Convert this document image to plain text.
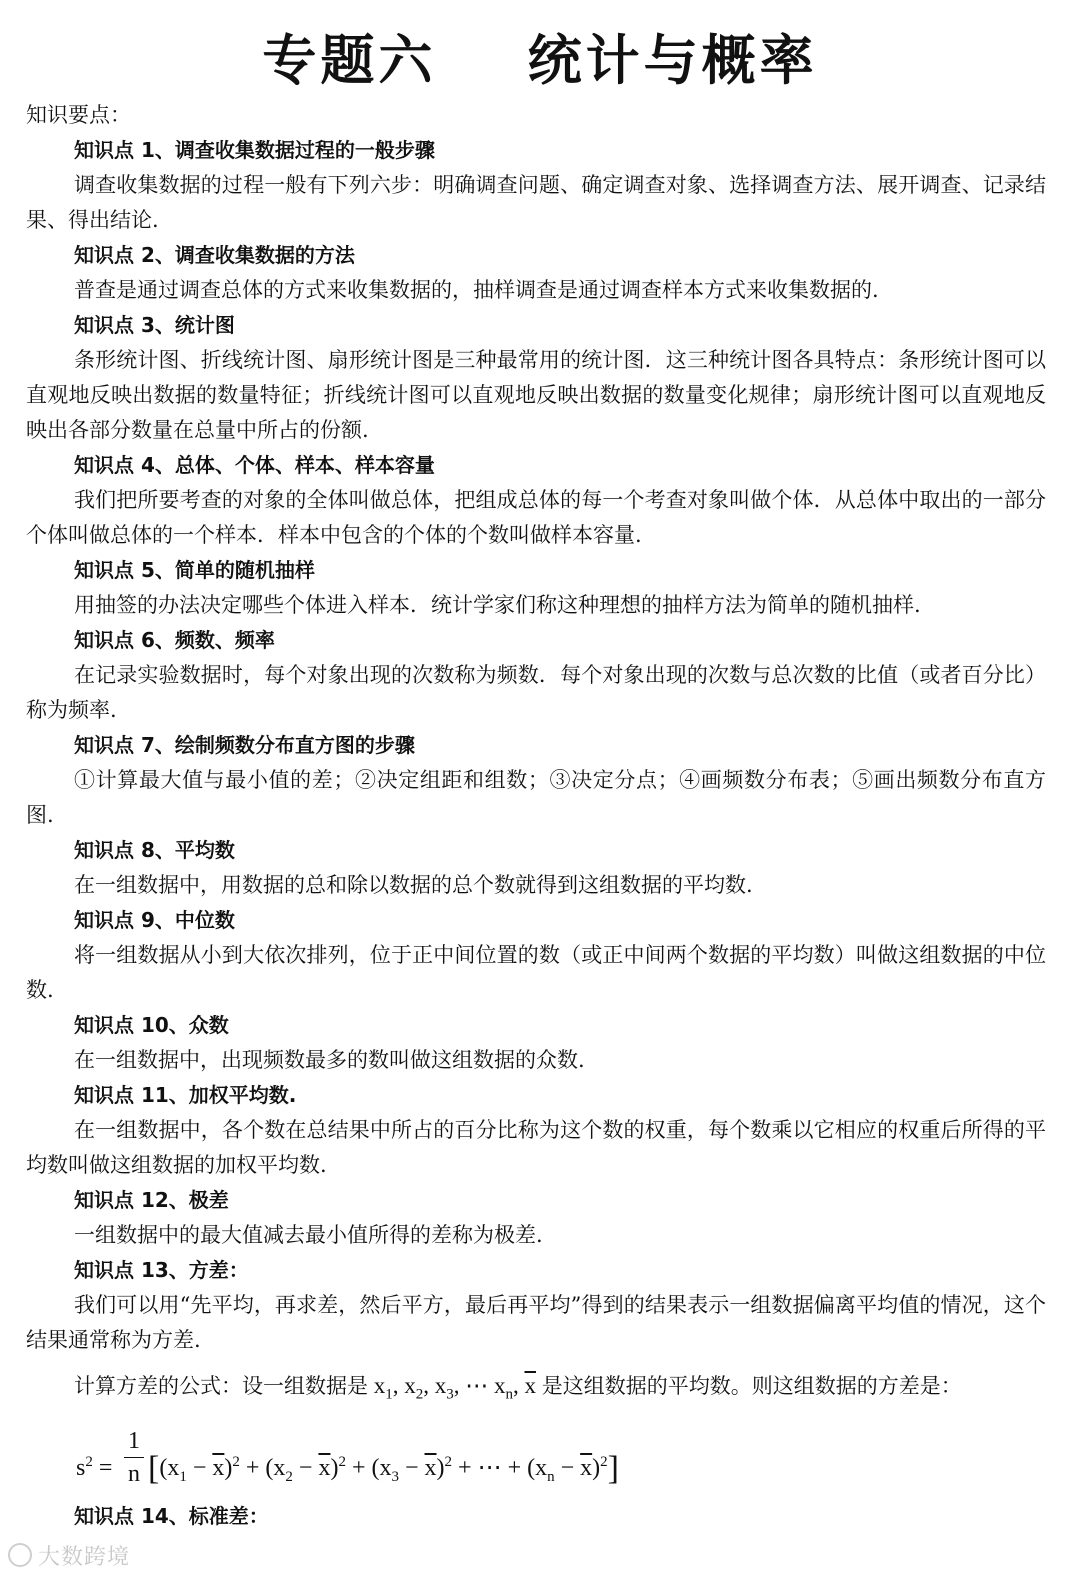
专题六    统计与概率

知识要点：

知识点 1、调查收集数据过程的一般步骤

调查收集数据的过程一般有下列六步：明确调查问题、确定调查对象、选择调查方法、展开调查、记录结果、得出结论.

知识点 2、调查收集数据的方法

普查是通过调查总体的方式来收集数据的，抽样调查是通过调查样本方式来收集数据的.

知识点 3、统计图

条形统计图、折线统计图、扇形统计图是三种最常用的统计图．这三种统计图各具特点：条形统计图可以直观地反映出数据的数量特征；折线统计图可以直观地反映出数据的数量变化规律；扇形统计图可以直观地反映出各部分数量在总量中所占的份额.

知识点 4、总体、个体、样本、样本容量

我们把所要考查的对象的全体叫做总体，把组成总体的每一个考查对象叫做个体．从总体中取出的一部分个体叫做总体的一个样本．样本中包含的个体的个数叫做样本容量.

知识点 5、简单的随机抽样

用抽签的办法决定哪些个体进入样本．统计学家们称这种理想的抽样方法为简单的随机抽样.

知识点 6、频数、频率

在记录实验数据时，每个对象出现的次数称为频数．每个对象出现的次数与总次数的比值（或者百分比）称为频率.

知识点 7、绘制频数分布直方图的步骤

①计算最大值与最小值的差；②决定组距和组数；③决定分点；④画频数分布表；⑤画出频数分布直方图.

知识点 8、平均数

在一组数据中，用数据的总和除以数据的总个数就得到这组数据的平均数.

知识点 9、中位数

将一组数据从小到大依次排列，位于正中间位置的数（或正中间两个数据的平均数）叫做这组数据的中位数.

知识点 10、众数

在一组数据中，出现频数最多的数叫做这组数据的众数.

知识点 11、加权平均数.

在一组数据中，各个数在总结果中所占的百分比称为这个数的权重，每个数乘以它相应的权重后所得的平均数叫做这组数据的加权平均数.

知识点 12、极差

一组数据中的最大值减去最小值所得的差称为极差.

知识点 13、方差：

我们可以用“先平均，再求差，然后平方，最后再平均”得到的结果表示一组数据偏离平均值的情况，这个结果通常称为方差.

计算方差的公式：设一组数据是 $x_1$, $x_2$, $x_3$, ⋯ $x_n$, $\overline{x}$ 是这组数据的平均数。则这组数据的方差是：

$s^2$ =
1
n [$(x_1 - \overline{x})^2 + (x_2 - \overline{x})^2 + (x_3 - \overline{x})^2$ + ⋯ + $(x_n - \overline{x})^2$]

知识点 14、标准差：

大数跨境
